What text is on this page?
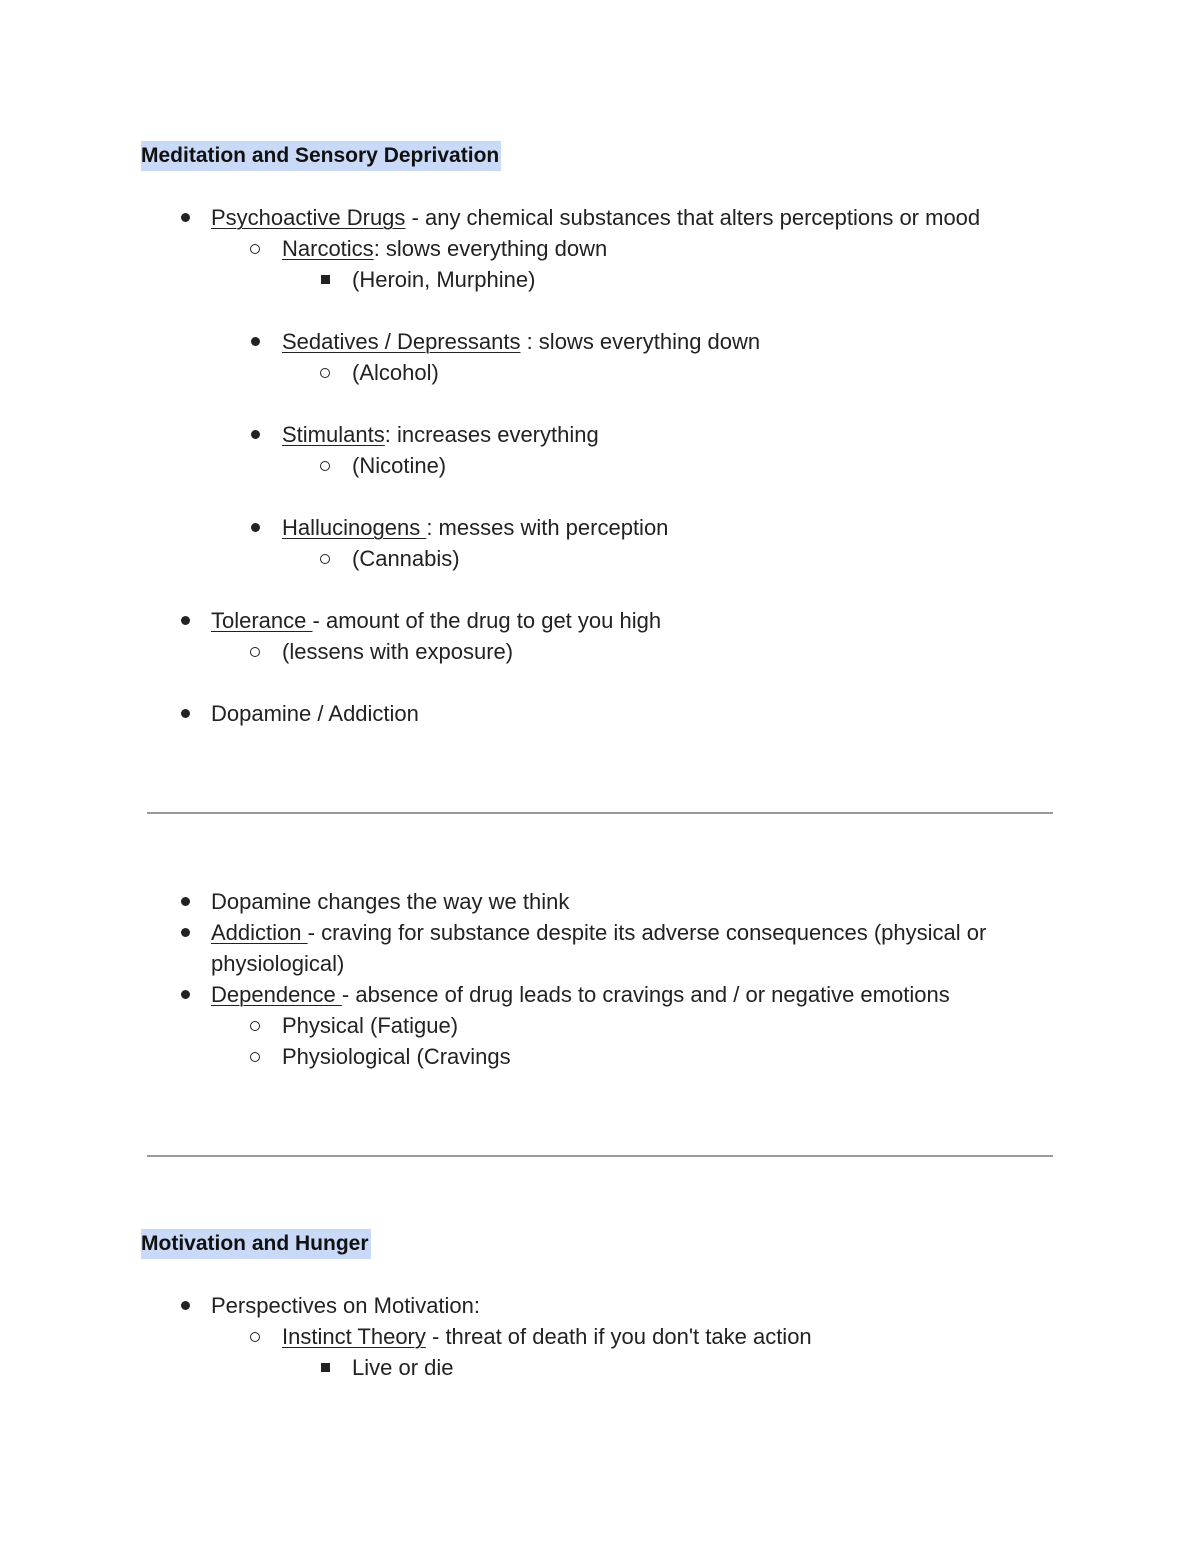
Meditation and Sensory Deprivation
Psychoactive Drugs - any chemical substances that alters perceptions or mood
Narcotics: slows everything down
(Heroin, Murphine)
Sedatives / Depressants : slows everything down
(Alcohol)
Stimulants: increases everything
(Nicotine)
Hallucinogens : messes with perception
(Cannabis)
Tolerance - amount of the drug to get you high
(lessens with exposure)
Dopamine / Addiction
Dopamine changes the way we think
Addiction - craving for substance despite its adverse consequences (physical or
physiological)
Dependence - absence of drug leads to cravings and / or negative emotions
Physical (Fatigue)
Physiological (Cravings
Motivation and Hunger
Perspectives on Motivation:
Instinct Theory - threat of death if you don't take action
Live or die
